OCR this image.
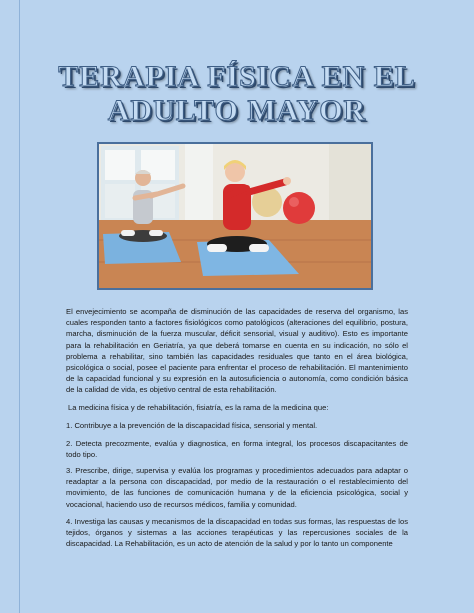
TERAPIA FÍSICA EN EL
ADULTO MAYOR

El envejecimiento se acompaña de disminución de las capacidades de reserva del organismo, las cuales responden tanto a factores fisiológicos como patológicos (alteraciones del equilibrio, postura, marcha, disminución de la fuerza muscular, déficit sensorial, visual y auditivo). Esto es importante para la rehabilitación en Geriatría, ya que deberá tomarse en cuenta en su indicación, no sólo el problema a rehabilitar, sino también las capacidades residuales que tanto en el área biológica, psicológica o social, posee el paciente para enfrentar el proceso de rehabilitación. El mantenimiento de la capacidad funcional y su expresión en la autosuficiencia o autonomía, como condición básica de la calidad de vida, es objetivo central de esta rehabilitación.

La medicina física y de rehabilitación, fisiatría, es la rama de la medicina que:

1. Contribuye a la prevención de la discapacidad física, sensorial y mental.

2. Detecta precozmente, evalúa y diagnostica, en forma integral, los procesos discapacitantes de todo tipo.

3. Prescribe, dirige, supervisa y evalúa los programas y procedimientos adecuados para adaptar o readaptar a la persona con discapacidad, por medio de la restauración o el restablecimiento del movimiento, de las funciones de comunicación humana y de la eficiencia psicológica, social y vocacional, haciendo uso de recursos médicos, familia y comunidad.

4. Investiga las causas y mecanismos de la discapacidad en todas sus formas, las respuestas de los tejidos, órganos y sistemas a las acciones terapéuticas y las repercusiones sociales de la discapacidad. La Rehabilitación, es un acto de atención de la salud y por lo tanto un componente
